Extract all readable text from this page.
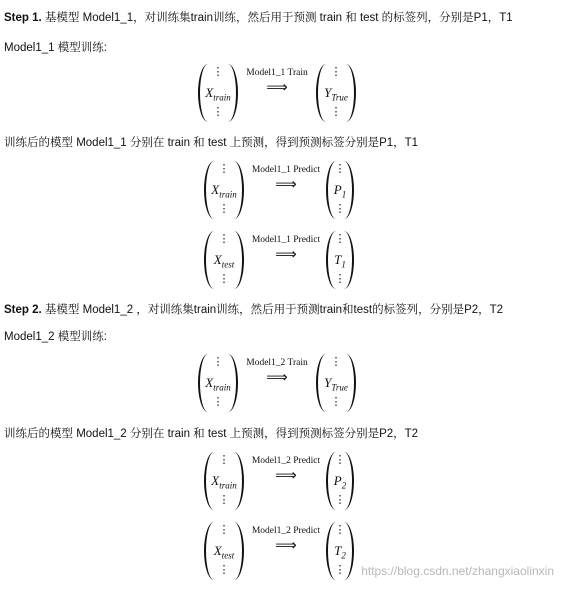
Step 1. 基模型 Model1_1，对训练集train训练，然后用于预测 train 和 test 的标签列，分别是P1，T1
Model1_1 模型训练:
⋮
$X_{train}$
⋮
Model1_1 Train
⟹
⋮
$Y_{True}$
⋮
训练后的模型 Model1_1 分别在 train 和 test 上预测，得到预测标签分别是P1，T1
⋮
$X_{train}$
⋮
Model1_1 Predict
⟹
⋮
$P_1$
⋮
⋮
$X_{test}$
⋮
Model1_1 Predict
⟹
⋮
$T_1$
⋮
Step 2. 基模型 Model1_2 ，对训练集train训练，然后用于预测train和test的标签列，分别是P2，T2
Model1_2 模型训练:
⋮
$X_{train}$
⋮
Model1_2 Train
⟹
⋮
$Y_{True}$
⋮
训练后的模型 Model1_2 分别在 train 和 test 上预测，得到预测标签分别是P2，T2
⋮
$X_{train}$
⋮
Model1_2 Predict
⟹
⋮
$P_2$
⋮
⋮
$X_{test}$
⋮
Model1_2 Predict
⟹
⋮
$T_2$
⋮	https://blog.csdn.net/zhangxiaolinxin
